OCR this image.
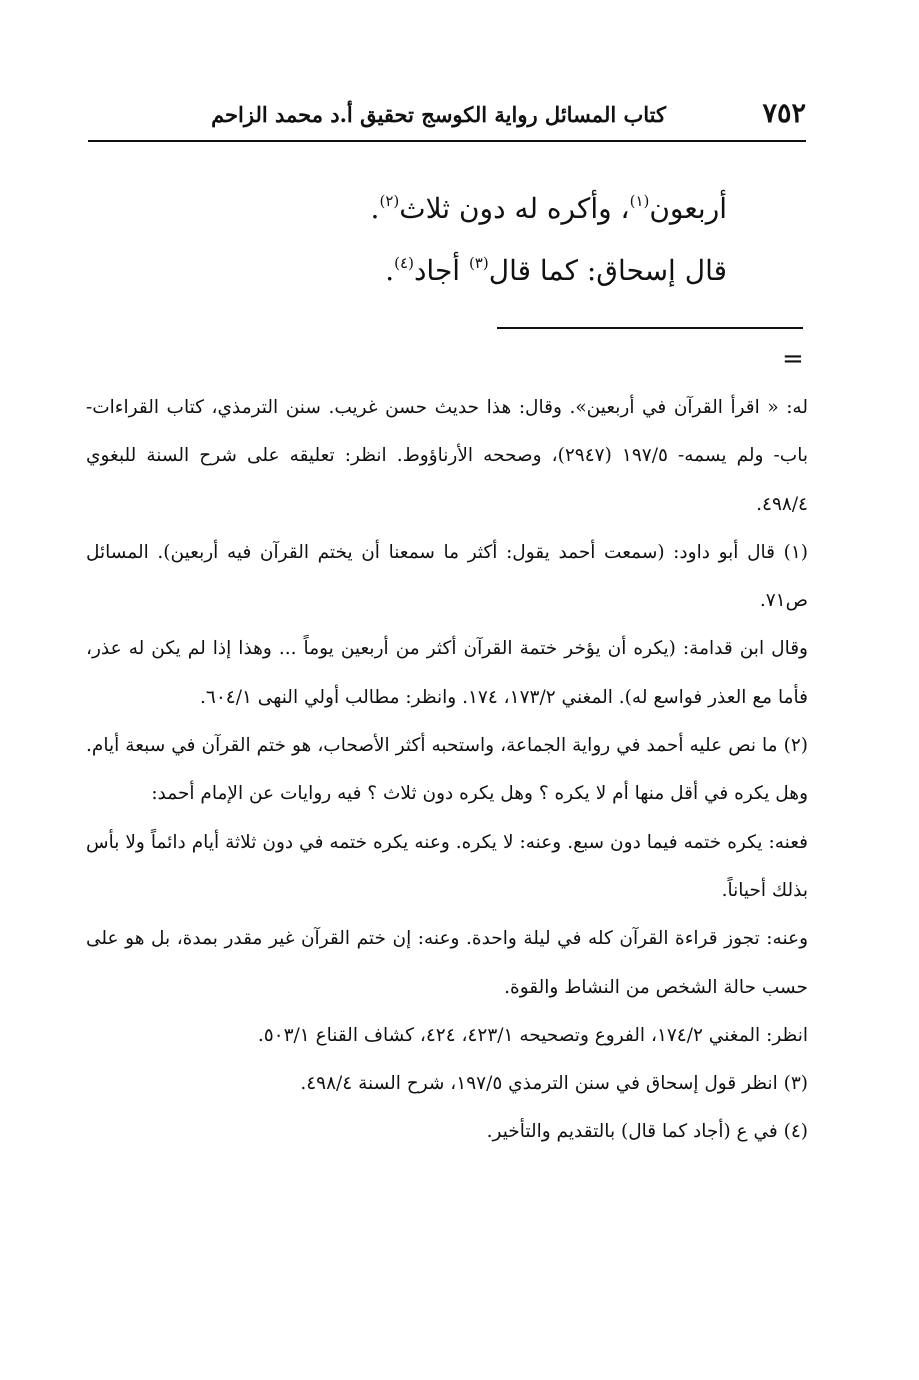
٧٥٢
كتاب المسائل رواية الكوسج تحقيق أ.د محمد الزاحم

أربعون$^{(١)}$، وأكره له دون ثلاث$^{(٢)}$.

قال إسحاق: كما قال$^{(٣)}$ أجاد$^{(٤)}$.

=

له: « اقرأ القرآن في أربعين». وقال: هذا حديث حسن غريب. سنن الترمذي، كتاب القراءات- باب- ولم يسمه- ١٩٧/٥ (٢٩٤٧)، وصححه الأرناؤوط. انظر: تعليقه على شرح السنة للبغوي ٤٩٨/٤.

(١) قال أبو داود: (سمعت أحمد يقول: أكثر ما سمعنا أن يختم القرآن فيه أربعين). المسائل ص٧١.

وقال ابن قدامة: (يكره أن يؤخر ختمة القرآن أكثر من أربعين يوماً ... وهذا إذا لم يكن له عذر، فأما مع العذر فواسع له). المغني ١٧٣/٢، ١٧٤. وانظر: مطالب أولي النهى ٦٠٤/١.

(٢) ما نص عليه أحمد في رواية الجماعة، واستحبه أكثر الأصحاب، هو ختم القرآن في سبعة أيام. وهل يكره في أقل منها أم لا يكره ؟ وهل يكره دون ثلاث ؟ فيه روايات عن الإمام أحمد:

فعنه: يكره ختمه فيما دون سبع. وعنه: لا يكره. وعنه يكره ختمه في دون ثلاثة أيام دائماً ولا بأس بذلك أحياناً.

وعنه: تجوز قراءة القرآن كله في ليلة واحدة. وعنه: إن ختم القرآن غير مقدر بمدة، بل هو على حسب حالة الشخص من النشاط والقوة.

انظر: المغني ١٧٤/٢، الفروع وتصحيحه ٤٢٣/١، ٤٢٤، كشاف القناع ٥٠٣/١.

(٣) انظر قول إسحاق في سنن الترمذي ١٩٧/٥، شرح السنة ٤٩٨/٤.

(٤) في ع (أجاد كما قال) بالتقديم والتأخير.
